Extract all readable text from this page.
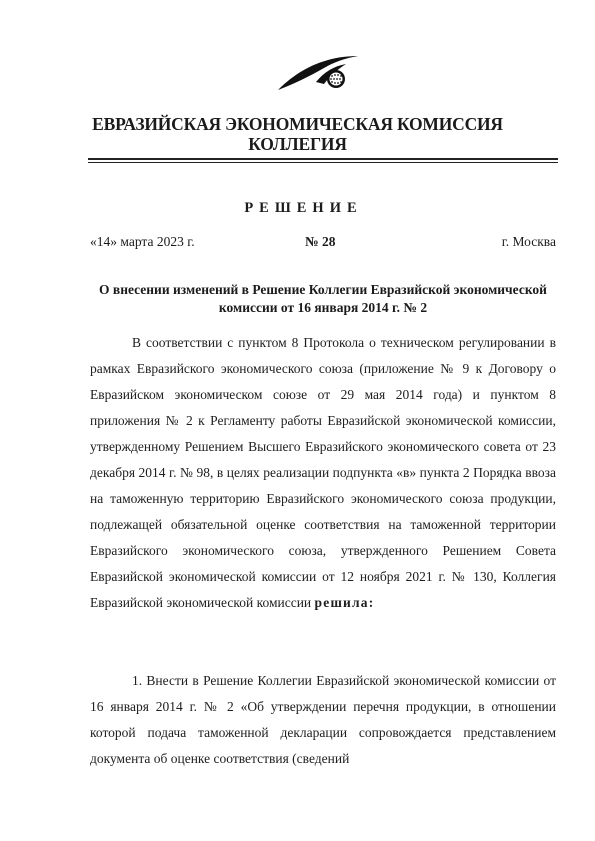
ЕВРАЗИЙСКАЯ ЭКОНОМИЧЕСКАЯ КОМИССИЯ
КОЛЛЕГИЯ
РЕШЕНИЕ
«14» марта 2023 г.	№ 28	г. Москва
О внесении изменений в Решение Коллегии Евразийской экономической комиссии от 16 января 2014 г. № 2
В соответствии с пунктом 8 Протокола о техническом регулировании в рамках Евразийского экономического союза (приложение № 9 к Договору о Евразийском экономическом союзе от 29 мая 2014 года) и пунктом 8 приложения № 2 к Регламенту работы Евразийской экономической комиссии, утвержденному Решением Высшего Евразийского экономического совета от 23 декабря 2014 г. № 98, в целях реализации подпункта «в» пункта 2 Порядка ввоза на таможенную территорию Евразийского экономического союза продукции, подлежащей обязательной оценке соответствия на таможенной территории Евразийского экономического союза, утвержденного Решением Совета Евразийской экономической комиссии от 12 ноября 2021 г. № 130, Коллегия Евразийской экономической комиссии решила:
1. Внести в Решение Коллегии Евразийской экономической комиссии от 16 января 2014 г. № 2 «Об утверждении перечня продукции, в отношении которой подача таможенной декларации сопровождается представлением документа об оценке соответствия (сведений
